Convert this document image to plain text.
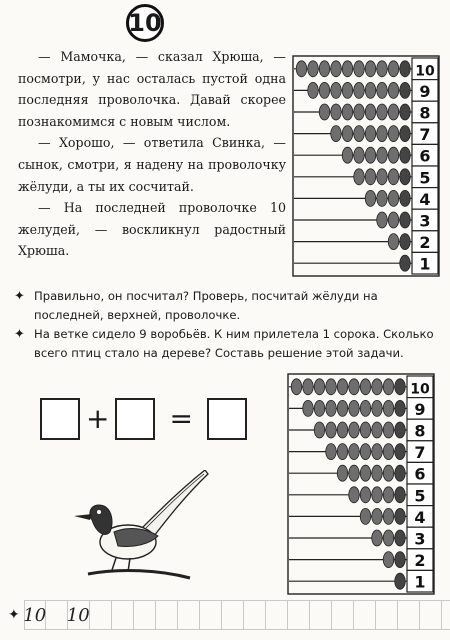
10

— Мамочка, — сказал Хрюша, — посмотри, у нас осталась пустой одна последняя проволочка. Давай скорее познакомимся с новым числом.

— Хорошо, — ответила Свинка, — сынок, смотри, я надену на проволочку жёлуди, а ты их сосчитай.

— На последней проволочке 10 желудей, — воскликнул радостный Хрюша.

10
9
8
7
6
5
4
3
2
1
✦ Правильно, он посчитал? Проверь, посчитай жёлуди на последней, верхней, проволочке.
✦ На ветке сидело 9 воробьёв. К ним прилетела 1 сорока. Сколько всего птиц стало на дереве? Составь решение этой задачи.
+ =
10
9
8
7
6
5
4
3
2
1
✦ 10 10
